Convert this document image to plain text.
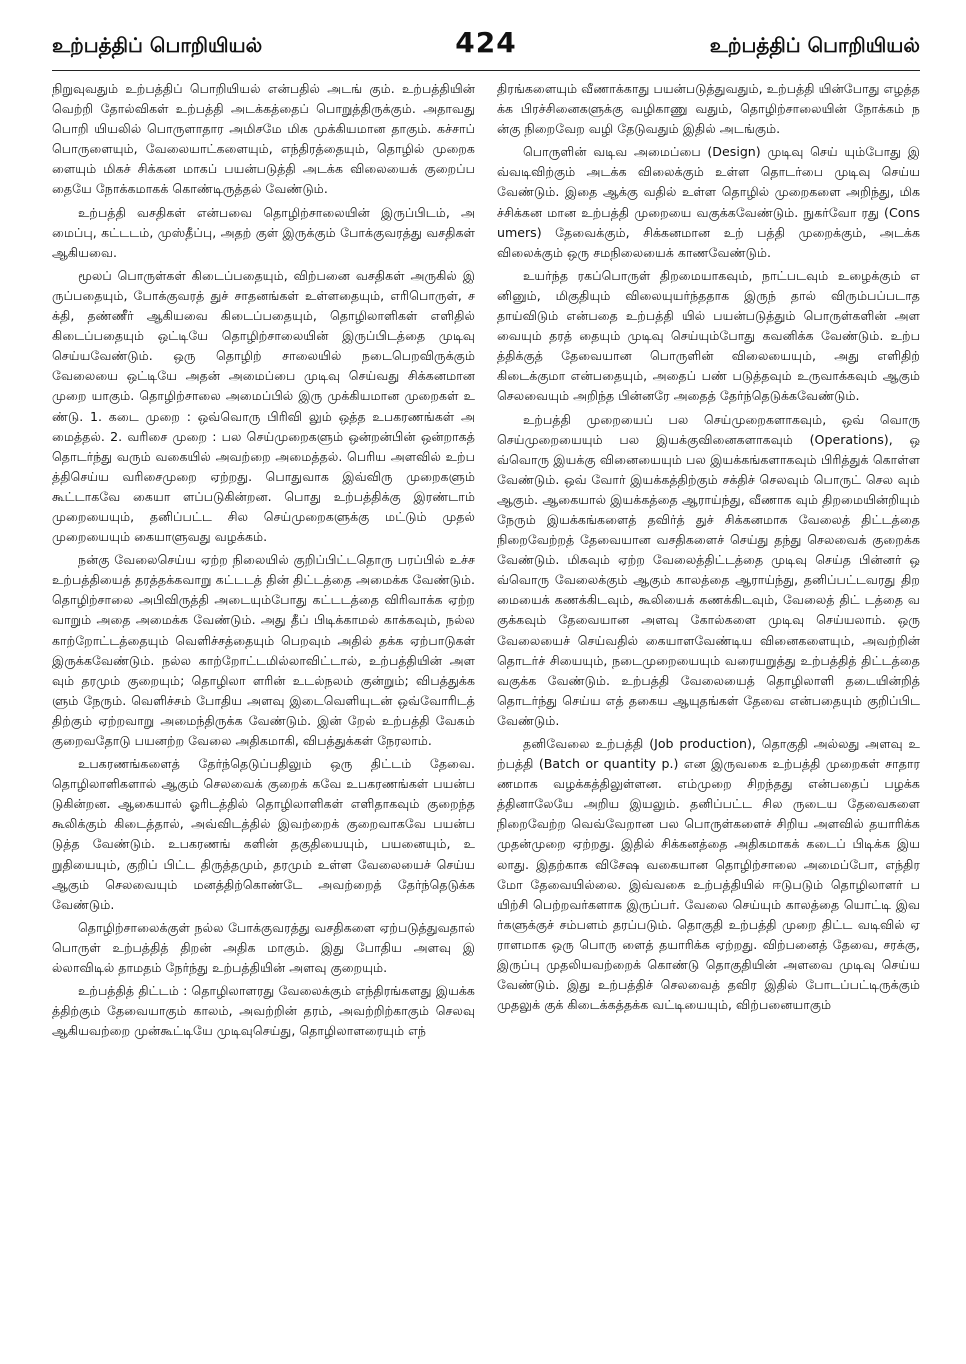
உற்பத்திப் பொறியியல்	424	உற்பத்திப் பொறியியல்

நிறுவுவதும் உற்பத்திப் பொறியியல் என்பதில் அடங் கும். உற்பத்தியின் வெற்றி தோல்விகள் உற்பத்தி அடக்கத்தைப் பொறுத்திருக்கும். அதாவது பொறி யியலில் பொருளாதார அமிசமே மிக முக்கியமான தாகும். கச்சாப் பொருளையும், வேலையாட்களையும், எந்திரத்தையும், தொழில் முறைகளையும் மிகச் சிக்கன மாகப் பயன்படுத்தி அடக்க விலையைக் குறைப்பதையே நோக்கமாகக் கொண்டிருத்தல் வேண்டும்.

உற்பத்தி வசதிகள் என்பவை தொழிற்சாலையின் இருப்பிடம், அமைப்பு, கட்டடம், முஸ்தீப்பு, அதற் குள் இருக்கும் போக்குவரத்து வசதிகள் ஆகியவை.

மூலப் பொருள்கள் கிடைப்பதையும், விற்பனை வசதிகள் அருகில் இருப்பதையும், போக்குவரத் துச் சாதனங்கள் உள்ளதையும், எரிபொருள், சக்தி, தண்ணீர் ஆகியவை கிடைப்பதையும், தொழிலாளிகள் எளிதில் கிடைப்பதையும் ஒட்டியே தொழிற்சாலையின் இருப்பிடத்தை முடிவு செய்யவேண்டும். ஒரு தொழிற் சாலையில் நடைபெறவிருக்கும் வேலையை ஒட்டியே அதன் அமைப்பை முடிவு செய்வது சிக்கனமான முறை யாகும். தொழிற்சாலை அமைப்பில் இரு முக்கியமான முறைகள் உண்டு. 1. கடை முறை : ஒவ்வொரு பிரிவி லும் ஒத்த உபகரணங்கள் அமைத்தல். 2. வரிசை முறை : பல செய்முறைகளும் ஒன்றன்பின் ஒன்றாகத் தொடர்ந்து வரும் வகையில் அவற்றை அமைத்தல். பெரிய அளவில் உற்பத்திசெய்ய வரிசைமுறை ஏற்றது. பொதுவாக இவ்விரு முறைகளும் கூட்டாகவே கையா ளப்படுகின்றன. பொது உற்பத்திக்கு இரண்டாம் முறையையும், தனிப்பட்ட சில செய்முறைகளுக்கு மட்டும் முதல் முறையையும் கையாளுவது வழக்கம்.

நன்கு வேலைசெய்ய ஏற்ற நிலையில் குறிப்பிட்டதொரு பரப்பில் உச்சஉற்பத்தியைத் தரத்தக்கவாறு கட்டடத் தின் திட்டத்தை அமைக்க வேண்டும். தொழிற்சாலை அபிவிருத்தி அடையும்போது கட்டடத்தை விரிவாக்க ஏற்றவாறும் அதை அமைக்க வேண்டும். அது தீப் பிடிக்காமல் காக்கவும், நல்ல காற்றோட்டத்தையும் வெளிச்சத்தையும் பெறவும் அதில் தக்க ஏற்பாடுகள் இருக்கவேண்டும். நல்ல காற்றோட்டமில்லாவிட்டால், உற்பத்தியின் அளவும் தரமும் குறையும்; தொழிலா ளரின் உடல்நலம் குன்றும்; விபத்துக்களும் நேரும். வெளிச்சம் போதிய அளவு இடைவெளியுடன் ஒவ்வோரிடத் திற்கும் ஏற்றவாறு அமைந்திருக்க வேண்டும். இன் றேல் உற்பத்தி வேகம் குறைவதோடு பயனற்ற வேலை அதிகமாகி, விபத்துக்கள் நேரலாம்.

உபகரணங்களைத் தேர்ந்தெடுப்பதிலும் ஒரு திட்டம் தேவை. தொழிலாளிகளால் ஆகும் செலவைக் குறைக் கவே உபகரணங்கள் பயன்படுகின்றன. ஆகையால் ஓரிடத்தில் தொழிலாளிகள் எளிதாகவும் குறைந்த கூலிக்கும் கிடைத்தால், அவ்விடத்தில் இவற்றைக் குறைவாகவே பயன்படுத்த வேண்டும். உபகரணங் களின் தகுதியையும், பயனையும், உறுதியையும், குறிப் பிட்ட திருத்தமும், தரமும் உள்ள வேலையைச் செய்ய ஆகும் செலவையும் மனத்திற்கொண்டே அவற்றைத் தேர்ந்தெடுக்க வேண்டும்.

தொழிற்சாலைக்குள் நல்ல போக்குவரத்து வசதிகளை ஏற்படுத்துவதால் பொருள் உற்பத்தித் திறன் அதிக மாகும். இது போதிய அளவு இல்லாவிடில் தாமதம் நேர்ந்து உற்பத்தியின் அளவு குறையும்.

உற்பத்தித் திட்டம் : தொழிலாளரது வேலைக்கும் எந்திரங்களது இயக்கத்திற்கும் தேவையாகும் காலம், அவற்றின் தரம், அவற்றிற்காகும் செலவு ஆகியவற்றை முன்கூட்டியே முடிவுசெய்து, தொழிலாளரையும் எந்

திரங்களையும் வீணாக்காது பயன்படுத்துவதும், உற்பத்தி யின்போது எழத்தக்க பிரச்சினைகளுக்கு வழிகாணு வதும், தொழிற்சாலையின் நோக்கம் நன்கு நிறைவேற வழி தேடுவதும் இதில் அடங்கும்.

பொருளின் வடிவ அமைப்பை (Design) முடிவு செய் யும்போது இவ்வடிவிற்கும் அடக்க விலைக்கும் உள்ள தொடர்பை முடிவு செய்யவேண்டும். இதை ஆக்கு வதில் உள்ள தொழில் முறைகளை அறிந்து, மிகச்சிக்கன மான உற்பத்தி முறையை வகுக்கவேண்டும். நுகர்வோ ரது (Consumers) தேவைக்கும், சிக்கனமான உற் பத்தி முறைக்கும், அடக்க விலைக்கும் ஒரு சமநிலையைக் காணவேண்டும்.

உயர்ந்த ரகப்பொருள் திறமையாகவும், நாட்படவும் உழைக்கும் எனினும், மிகுதியும் விலையுயர்ந்ததாக இருந் தால் விரும்பப்படாததாய்விடும் என்பதை உற்பத்தி யில் பயன்படுத்தும் பொருள்களின் அளவையும் தரத் தையும் முடிவு செய்யும்போது கவனிக்க வேண்டும். உற்பத்திக்குத் தேவையான பொருளின் விலையையும், அது எளிதிற் கிடைக்குமா என்பதையும், அதைப் பண் படுத்தவும் உருவாக்கவும் ஆகும் செலவையும் அறிந்த பின்னரே அதைத் தேர்ந்தெடுக்கவேண்டும்.

உற்பத்தி முறையைப் பல செய்முறைகளாகவும், ஒவ் வொரு செய்முறையையும் பல இயக்குவினைகளாகவும் (Operations), ஒவ்வொரு இயக்கு வினையையும் பல இயக்கங்களாகவும் பிரித்துக் கொள்ளவேண்டும். ஒவ் வோர் இயக்கத்திற்கும் சக்திச் செலவும் பொருட் செல வும் ஆகும். ஆகையால் இயக்கத்தை ஆராய்ந்து, வீணாக வும் திறமையின்றியும் நேரும் இயக்கங்களைத் தவிர்த் துச் சிக்கனமாக வேலைத் திட்டத்தை நிறைவேற்றத் தேவையான வசதிகளைச் செய்து தந்து செலவைக் குறைக்க வேண்டும். மிகவும் ஏற்ற வேலைத்திட்டத்தை முடிவு செய்த பின்னர் ஒவ்வொரு வேலைக்கும் ஆகும் காலத்தை ஆராய்ந்து, தனிப்பட்டவரது திறமையைக் கணக்கிடவும், கூலியைக் கணக்கிடவும், வேலைத் திட் டத்தை வகுக்கவும் தேவையான அளவு கோல்களை முடிவு செய்யலாம். ஒரு வேலையைச் செய்வதில் கையாளவேண்டிய வினைகளையும், அவற்றின் தொடர்ச் சியையும், நடைமுறையையும் வரையறுத்து உற்பத்தித் திட்டத்தை வகுக்க வேண்டும். உற்பத்தி வேலையைத் தொழிலாளி தடையின்றித் தொடர்ந்து செய்ய எத் தகைய ஆயுதங்கள் தேவை என்பதையும் குறிப்பிட வேண்டும்.

தனிவேலை உற்பத்தி (Job production), தொகுதி அல்லது அளவு உற்பத்தி (Batch or quantity p.) என இருவகை உற்பத்தி முறைகள் சாதாரணமாக வழக்கத்திலுள்ளன. எம்முறை சிறந்தது என்பதைப் பழக்கத்தினாலேயே அறிய இயலும். தனிப்பட்ட சில ருடைய தேவைகளை நிறைவேற்ற வெவ்வேறான பல பொருள்களைச் சிறிய அளவில் தயாரிக்க முதன்முறை ஏற்றது. இதில் சிக்கனத்தை அதிகமாகக் கடைப் பிடிக்க இயலாது. இதற்காக விசேஷ வகையான தொழிற்சாலை அமைப்போ, எந்திரமோ தேவையில்லை. இவ்வகை உற்பத்தியில் ஈடுபடும் தொழிலாளர் பயிற்சி பெற்றவர்களாக இருப்பர். வேலை செய்யும் காலத்தை யொட்டி இவர்களுக்குச் சம்பளம் தரப்படும். தொகுதி உற்பத்தி முறை திட்ட வடிவில் ஏராளமாக ஒரு பொரு ளைத் தயாரிக்க ஏற்றது. விற்பனைத் தேவை, சரக்கு, இருப்பு முதலியவற்றைக் கொண்டு தொகுதியின் அளவை முடிவு செய்ய வேண்டும். இது உற்பத்திச் செலவைத் தவிர இதில் போடப்பட்டிருக்கும் முதலுக் குக் கிடைக்கத்தக்க வட்டியையும், விற்பனையாகும்
